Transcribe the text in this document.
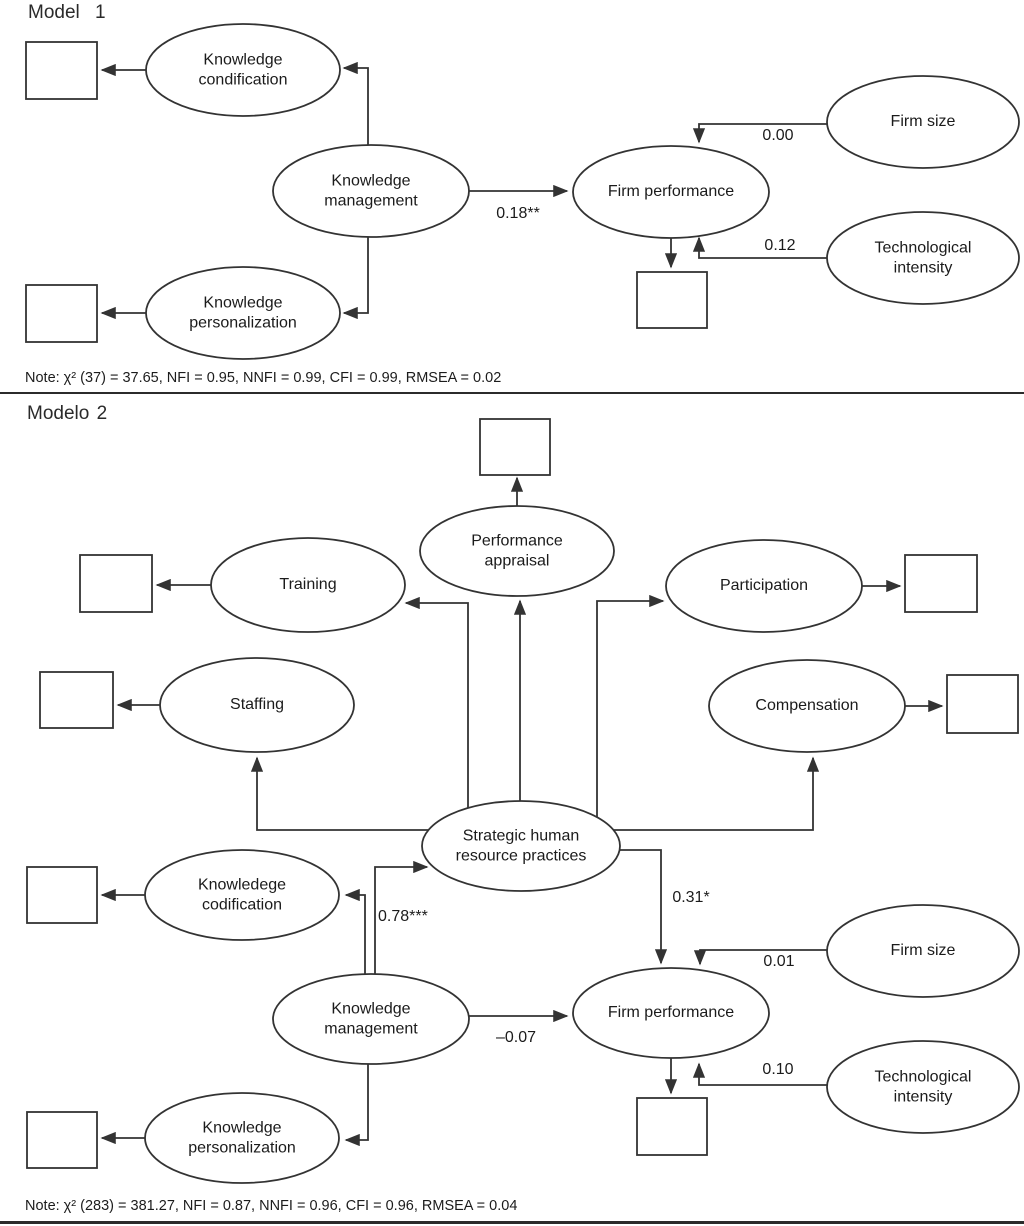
Model 1
Knowledge condification
Knowledge management
Knowledge personalization
Firm performance
Firm size
Technological intensity
0.18**
0.00
0.12
Note: χ² (37) = 37.65, NFI = 0.95, NNFI = 0.99, CFI = 0.99, RMSEA = 0.02
Modelo 2
Training
Staffing
Performance appraisal
Participation
Compensation
Strategic human resource practices
Knowledege codification
Knowledge management
Knowledge personalization
Firm performance
Firm size
Technological intensity
0.78***
0.31*
–0.07
0.01
0.10
Note: χ² (283) = 381.27, NFI = 0.87, NNFI = 0.96, CFI = 0.96, RMSEA = 0.04
